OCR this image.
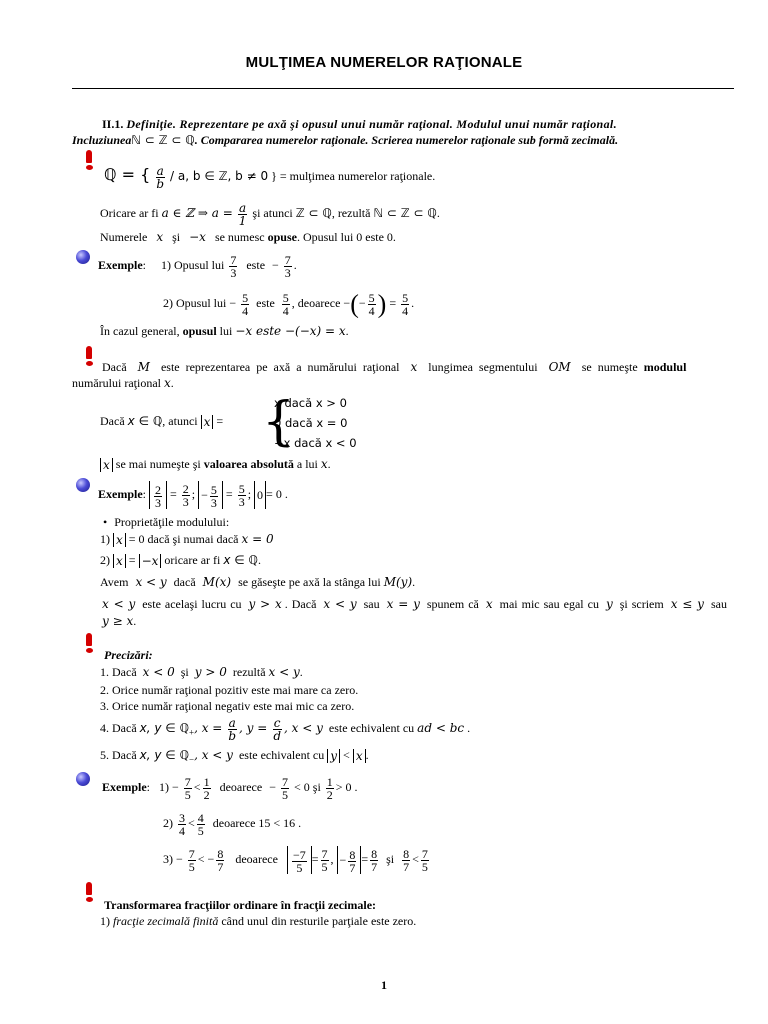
MULŢIMEA NUMERELOR RAŢIONALE
II.1. Definiţie. Reprezentare pe axă şi opusul unui număr raţional. Modulul unui număr raţional.
Incluziuneaℕ ⊂ ℤ ⊂ ℚ. Compararea numerelor raţionale. Scrierea numerelor raţionale sub formă zecimală.
ℚ = { $\frac{a}{b}$ / a, b ∈ ℤ, b ≠ 0 } = mulţimea numerelor raţionale.
Oricare ar fi a ∈ ℤ ⇒ $a = \frac{a}{1}$ şi atunci ℤ ⊂ ℚ, rezultă ℕ ⊂ ℤ ⊂ ℚ.
Numerele x şi −x se numesc opuse. Opusul lui 0 este 0.
Exemple: 1) Opusul lui $\frac{7}{3}$ este − $\frac{7}{3}$ .
2) Opusul lui − $\frac{5}{4}$ este $\frac{5}{4}$ , deoarece −(− $\frac{5}{4}$ ) = $\frac{5}{4}$ .
În cazul general, opusul lui −x este −(−x) = x.
Dacă M este reprezentarea pe axă a numărului raţional x lungimea segmentului OM se numeşte modulul
numărului raţional x.
Dacă x ∈ ℚ, atunci x = {
x dacă x > 0
0 dacă x = 0
−x dacă x < 0
x se mai numeşte şi valoarea absolută a lui x.
Exemple: $\frac{2}{3} = \frac{2}{3}$ ; − $\frac{5}{3} = \frac{5}{3}$ ; 0 = 0 .
• Proprietăţile modulului:
1) x = 0 dacă şi numai dacă x = 0
2) x = −x oricare ar fi x ∈ ℚ.
Avem x < y dacă M(x) se găseşte pe axă la stânga lui M(y).
x < y este acelaşi lucru cu y > x . Dacă x < y sau x = y spunem că x mai mic sau egal cu y şi scriem x ≤ y sau
y ≥ x.
Precizări:
1. Dacă x < 0 şi y > 0 rezultă x < y.
2. Orice număr raţional pozitiv este mai mare ca zero.
3. Orice număr raţional negativ este mai mic ca zero.
4. Dacă x, y ∈ ℚ$_+$, $x = \frac{a}{b}$ , $y = \frac{c}{d}$ , x < y este echivalent cu ad < bc .
5. Dacă x, y ∈ ℚ$_-$, x < y este echivalent cu y < x .
Exemple: $1) - \frac{7}{5} < \frac{1}{2}$ deoarece − $\frac{7}{5} < 0$ şi $\frac{1}{2} > 0$ .
$2) \frac{3}{4} < \frac{4}{5}$ deoarece 15 < 16 .
$3) - \frac{7}{5}$ < − $\frac{8}{7}$ deoarece $\frac{-7}{5} = \frac{7}{5}$ , − $\frac{8}{7} = \frac{8}{7}$ şi $\frac{8}{7} < \frac{7}{5}$
Transformarea fracţiilor ordinare în fracţii zecimale:
1) fracţie zecimală finită când unul din resturile parţiale este zero.
1
